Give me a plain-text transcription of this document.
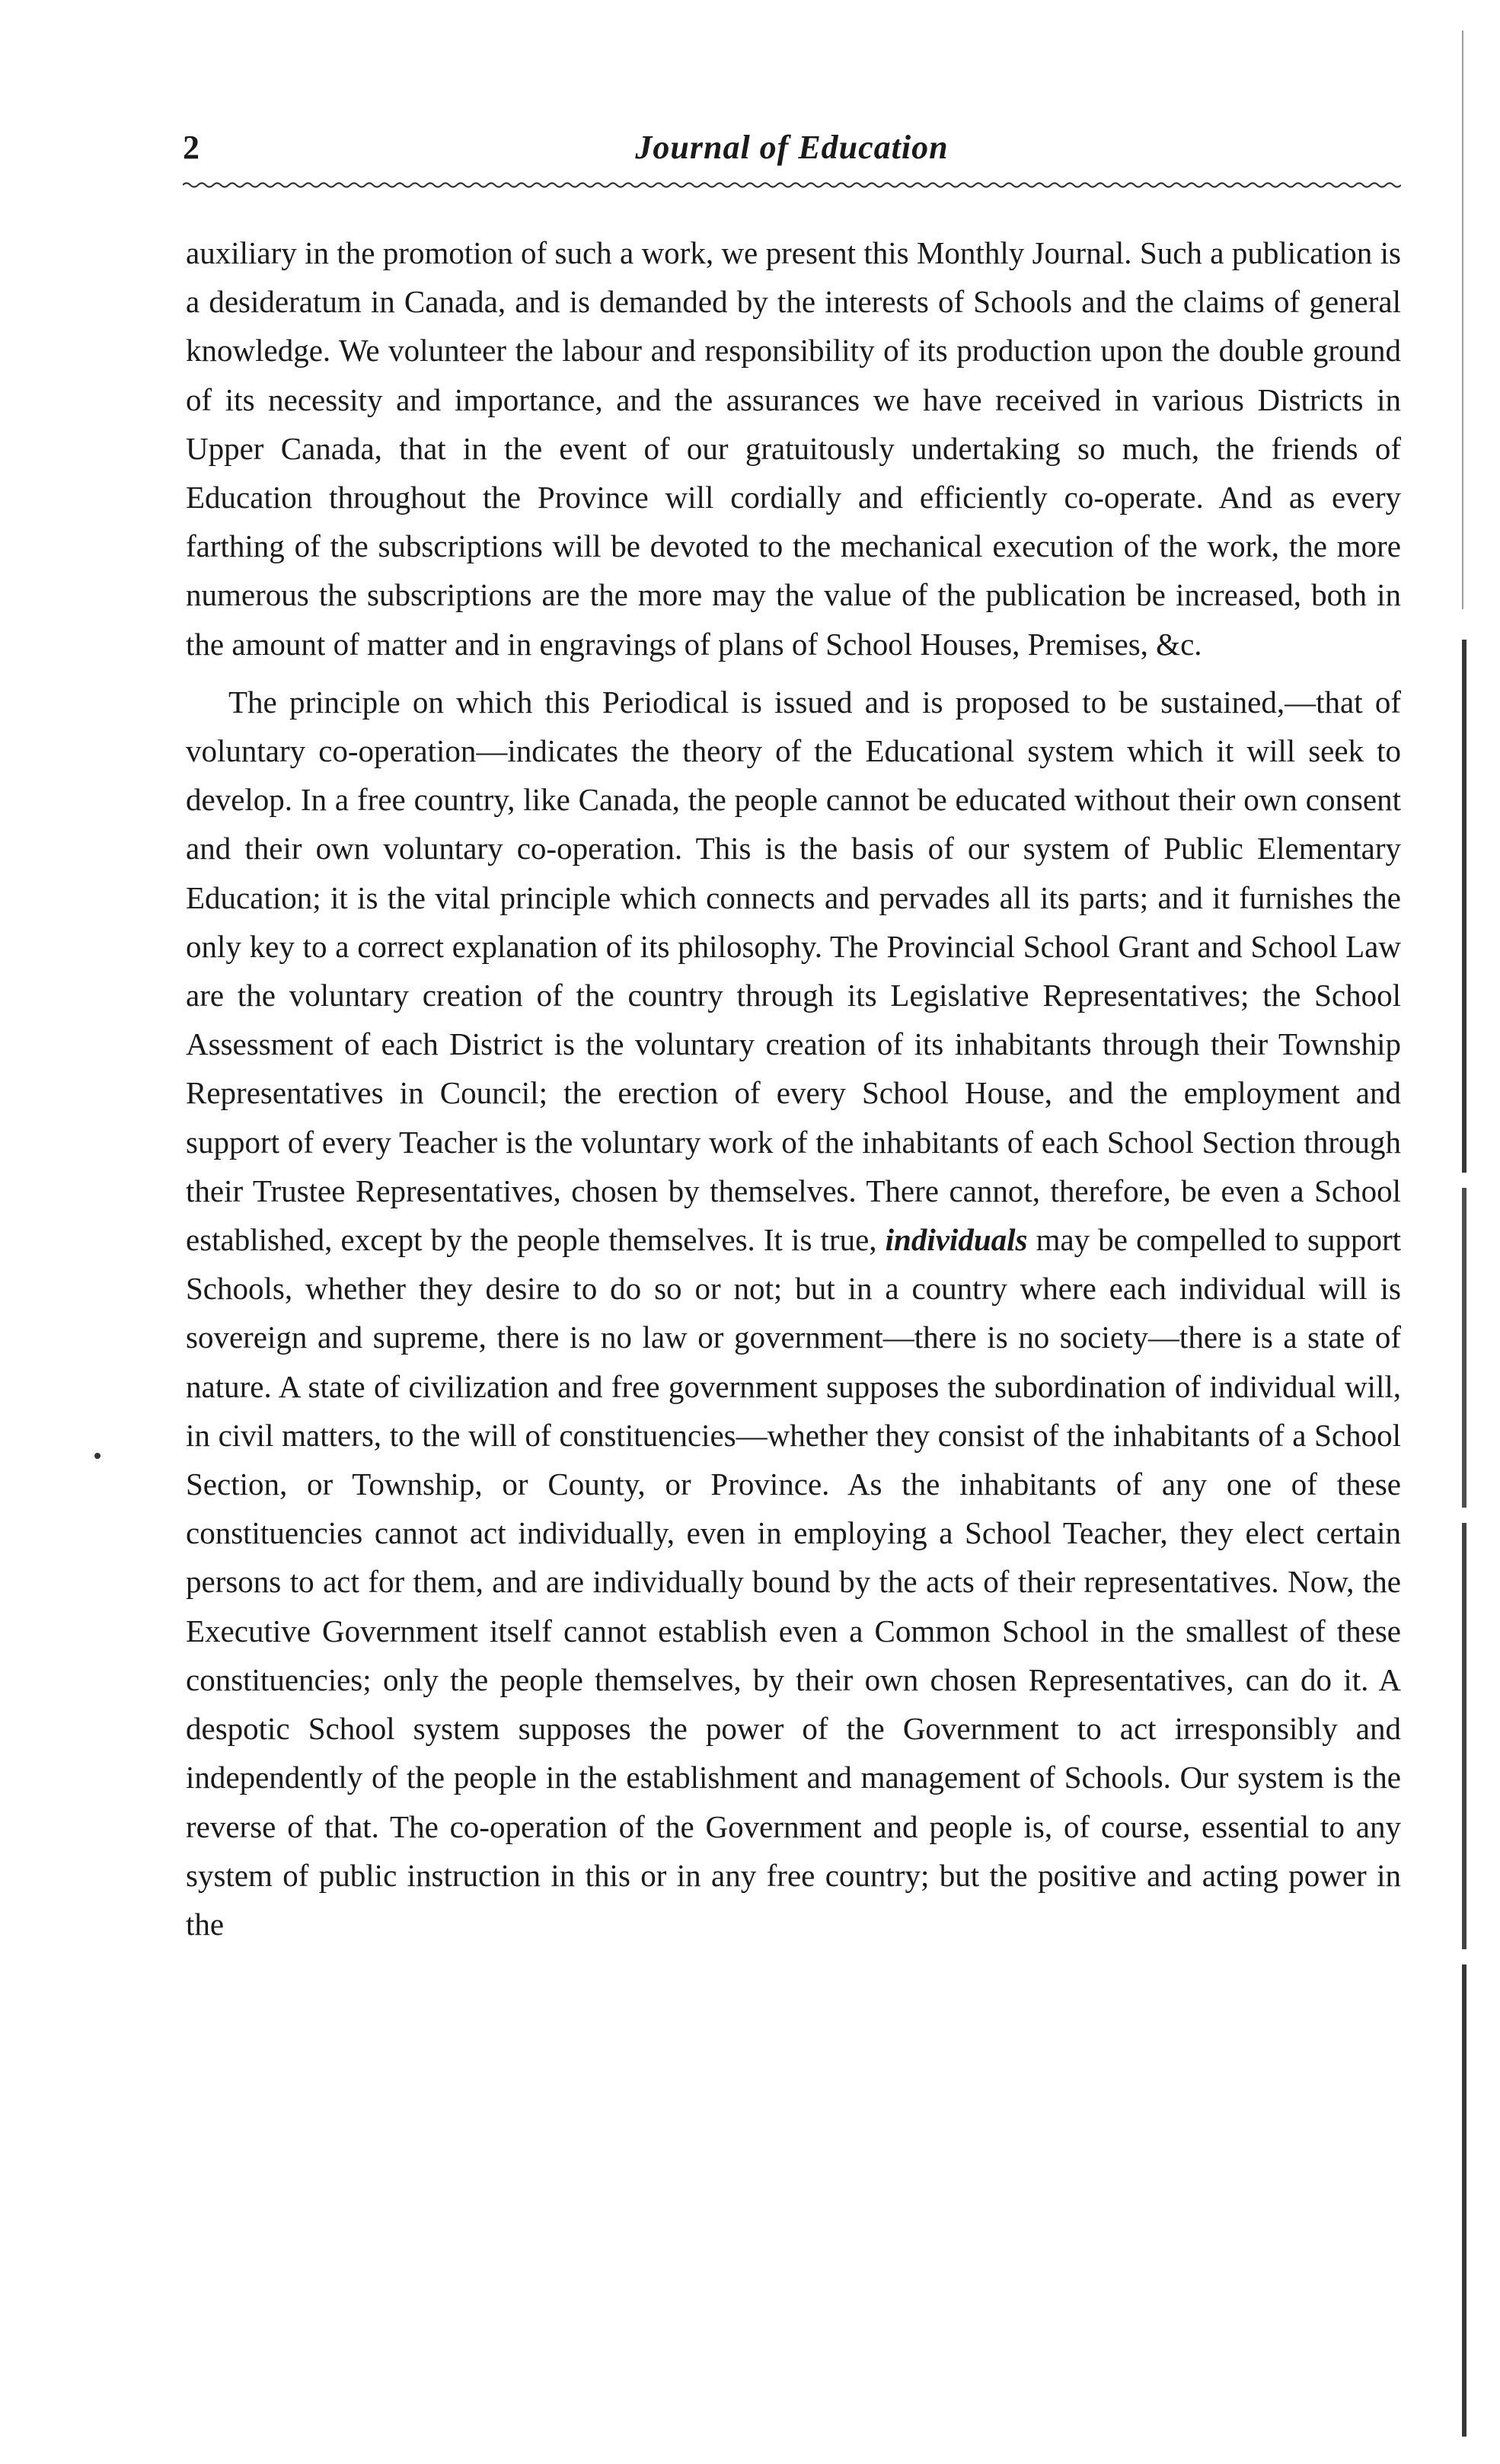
2	Journal of Education

auxiliary in the promotion of such a work, we present this Monthly Journal. Such a publication is a desideratum in Canada, and is demanded by the interests of Schools and the claims of general knowledge. We volunteer the labour and responsibility of its production upon the double ground of its necessity and importance, and the assurances we have received in various Districts in Upper Canada, that in the event of our gratuitously undertaking so much, the friends of Education throughout the Province will cordially and efficiently co-operate. And as every farthing of the subscriptions will be devoted to the mechanical execution of the work, the more numerous the subscriptions are the more may the value of the publication be increased, both in the amount of matter and in engravings of plans of School Houses, Premises, &c.

The principle on which this Periodical is issued and is proposed to be sustained,—that of voluntary co-operation—indicates the theory of the Educational system which it will seek to develop. In a free country, like Canada, the people cannot be educated without their own consent and their own voluntary co-operation. This is the basis of our system of Public Elementary Education; it is the vital principle which connects and pervades all its parts; and it furnishes the only key to a correct explanation of its philosophy. The Provincial School Grant and School Law are the voluntary creation of the country through its Legislative Representatives; the School Assessment of each District is the voluntary creation of its inhabitants through their Township Representatives in Council; the erection of every School House, and the employment and support of every Teacher is the voluntary work of the inhabitants of each School Section through their Trustee Representatives, chosen by themselves. There cannot, therefore, be even a School established, except by the people themselves. It is true, individuals may be compelled to support Schools, whether they desire to do so or not; but in a country where each individual will is sovereign and supreme, there is no law or government—there is no society—there is a state of nature. A state of civilization and free government supposes the subordination of individual will, in civil matters, to the will of constituencies—whether they consist of the inhabitants of a School Section, or Township, or County, or Province. As the inhabitants of any one of these constituencies cannot act individually, even in employing a School Teacher, they elect certain persons to act for them, and are individually bound by the acts of their representatives. Now, the Executive Government itself cannot establish even a Common School in the smallest of these constituencies; only the people themselves, by their own chosen Representatives, can do it. A despotic School system supposes the power of the Government to act irresponsibly and independently of the people in the establishment and management of Schools. Our system is the reverse of that. The co-operation of the Government and people is, of course, essential to any system of public instruction in this or in any free country; but the positive and acting power in the
